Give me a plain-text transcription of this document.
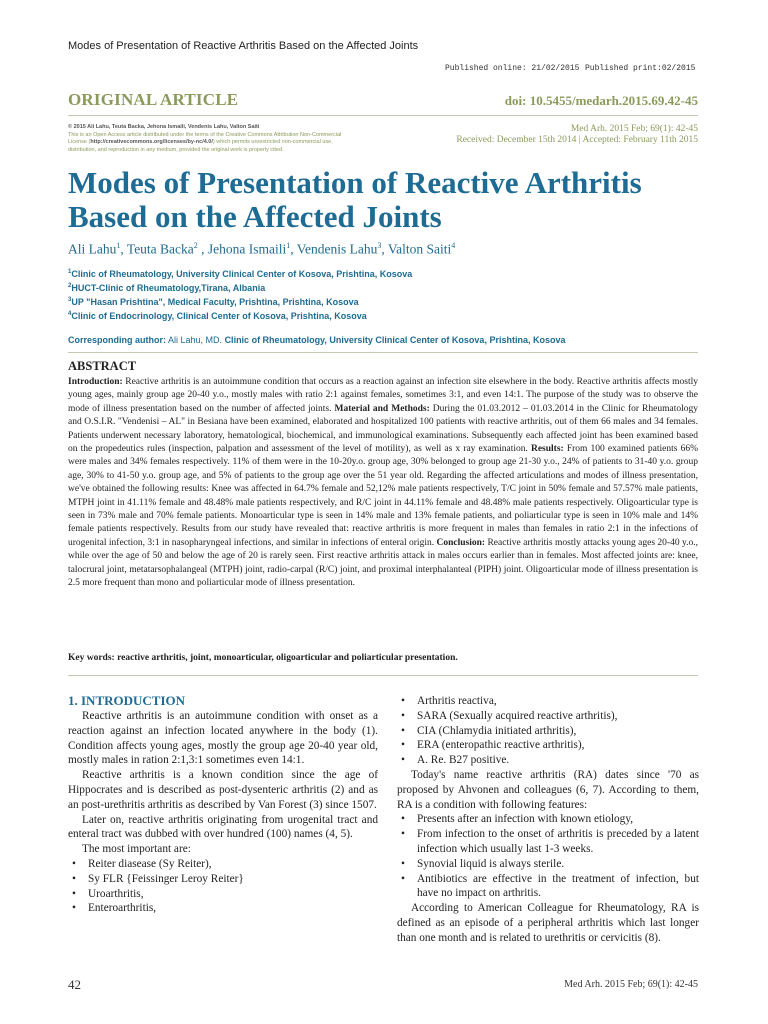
Modes of Presentation of Reactive Arthritis Based on the Affected Joints
Published online: 21/02/2015 Published print:02/2015
ORIGINAL ARTICLE	doi: 10.5455/medarh.2015.69.42-45
© 2015 Ali Lahu, Teuta Backa, Jehona Ismaili, Vendenis Lahu, Valton Saiti
This is an Open Access article distributed under the terms of the Creative Commons Attribution Non-Commercial License (http://creativecommons.org/licenses/by-nc/4.0/) which permits unrestricted non-commercial use, distribution, and reproduction in any medium, provided the original work is properly cited.
Med Arh. 2015 Feb; 69(1): 42-45
Received: December 15th 2014 | Accepted: February 11th 2015
Modes of Presentation of Reactive Arthritis
Based on the Affected Joints
Ali Lahu$^1$, Teuta Backa$^2$ , Jehona Ismaili$^1$, Vendenis Lahu$^3$, Valton Saiti$^4$
$^1$Clinic of Rheumatology, University Clinical Center of Kosova, Prishtina, Kosova
$^2$HUCT-Clinic of Rheumatology,Tirana, Albania
$^3$UP "Hasan Prishtina", Medical Faculty, Prishtina, Prishtina, Kosova
$^4$Clinic of Endocrinology, Clinical Center of Kosova, Prishtina, Kosova
Corresponding author: Ali Lahu, MD. Clinic of Rheumatology, University Clinical Center of Kosova, Prishtina, Kosova
ABSTRACT
Introduction: Reactive arthritis is an autoimmune condition that occurs as a reaction against an infection site elsewhere in the body. Reactive arthritis affects mostly young ages, mainly group age 20-40 y.o., mostly males with ratio 2:1 against females, sometimes 3:1, and even 14:1. The purpose of the study was to observe the mode of illness presentation based on the number of affected joints. Material and Methods: During the 01.03.2012 – 01.03.2014 in the Clinic for Rheumatology and O.S.I.R. "Vendenisi – AL" in Besiana have been examined, elaborated and hospitalized 100 patients with reactive arthritis, out of them 66 males and 34 females. Patients underwent necessary laboratory, hematological, biochemical, and immunological examinations. Subsequently each affected joint has been examined based on the propedeutics rules (inspection, palpation and assessment of the level of motility), as well as x ray examination. Results: From 100 examined patients 66% were males and 34% females respectively. 11% of them were in the 10-20y.o. group age, 30% belonged to group age 21-30 y.o., 24% of patients to 31-40 y.o. group age, 30% to 41-50 y.o. group age, and 5% of patients to the group age over the 51 year old. Regarding the affected articulations and modes of illness presentation, we've obtained the following results: Knee was affected in 64.7% female and 52,12% male patients respectively, T/C joint in 50% female and 57.57% male patients, MTPH joint in 41.11% female and 48.48% male patients respectively, and R/C joint in 44.11% female and 48.48% male patients respectively. Oligoarticular type is seen in 73% male and 70% female patients. Monoarticular type is seen in 14% male and 13% female patients, and poliarticular type is seen in 10% male and 14% female patients respectively. Results from our study have revealed that: reactive arthritis is more frequent in males than females in ratio 2:1 in the infections of urogenital infection, 3:1 in nasopharyngeal infections, and similar in infections of enteral origin. Conclusion: Reactive arthritis mostly attacks young ages 20-40 y.o., while over the age of 50 and below the age of 20 is rarely seen. First reactive arthritis attack in males occurs earlier than in females. Most affected joints are: knee, talocrural joint, metatarsophalangeal (MTPH) joint, radio-carpal (R/C) joint, and proximal interphalanteal (PIPH) joint. Oligoarticular mode of illness presentation is 2.5 more frequent than mono and poliarticular mode of illness presentation.
Key words: reactive arthritis, joint, monoarticular, oligoarticular and poliarticular presentation.
1. INTRODUCTION

Reactive arthritis is an autoimmune condition with onset as a reaction against an infection located anywhere in the body (1). Condition affects young ages, mostly the group age 20-40 year old, mostly males in ration 2:1,3:1 sometimes even 14:1.

Reactive arthritis is a known condition since the age of Hippocrates and is described as post-dysenteric arthritis (2) and as an post-urethritis arthritis as described by Van Forest (3) since 1507.

Later on, reactive arthritis originating from urogenital tract and enteral tract was dubbed with over hundred (100) names (4, 5).

The most important are:

• Reiter diasease (Sy Reiter),
• Sy FLR {Feissinger Leroy Reiter}
• Uroarthritis,
• Enteroarthritis,
• Arthritis reactiva,
• SARA (Sexually acquired reactive arthritis),
• CIA (Chlamydia initiated arthritis),
• ERA (enteropathic reactive arthritis),
• A. Re. B27 positive.

Today's name reactive arthritis (RA) dates since '70 as proposed by Ahvonen and colleagues (6, 7). According to them, RA is a condition with following features:

• Presents after an infection with known etiology,
• From infection to the onset of arthritis is preceded by a latent infection which usually last 1-3 weeks.
• Synovial liquid is always sterile.
• Antibiotics are effective in the treatment of infection, but have no impact on arthritis.

According to American Colleague for Rheumatology, RA is defined as an episode of a peripheral arthritis which last longer than one month and is related to urethritis or cervicitis (8).

42	Med Arh. 2015 Feb; 69(1): 42-45
